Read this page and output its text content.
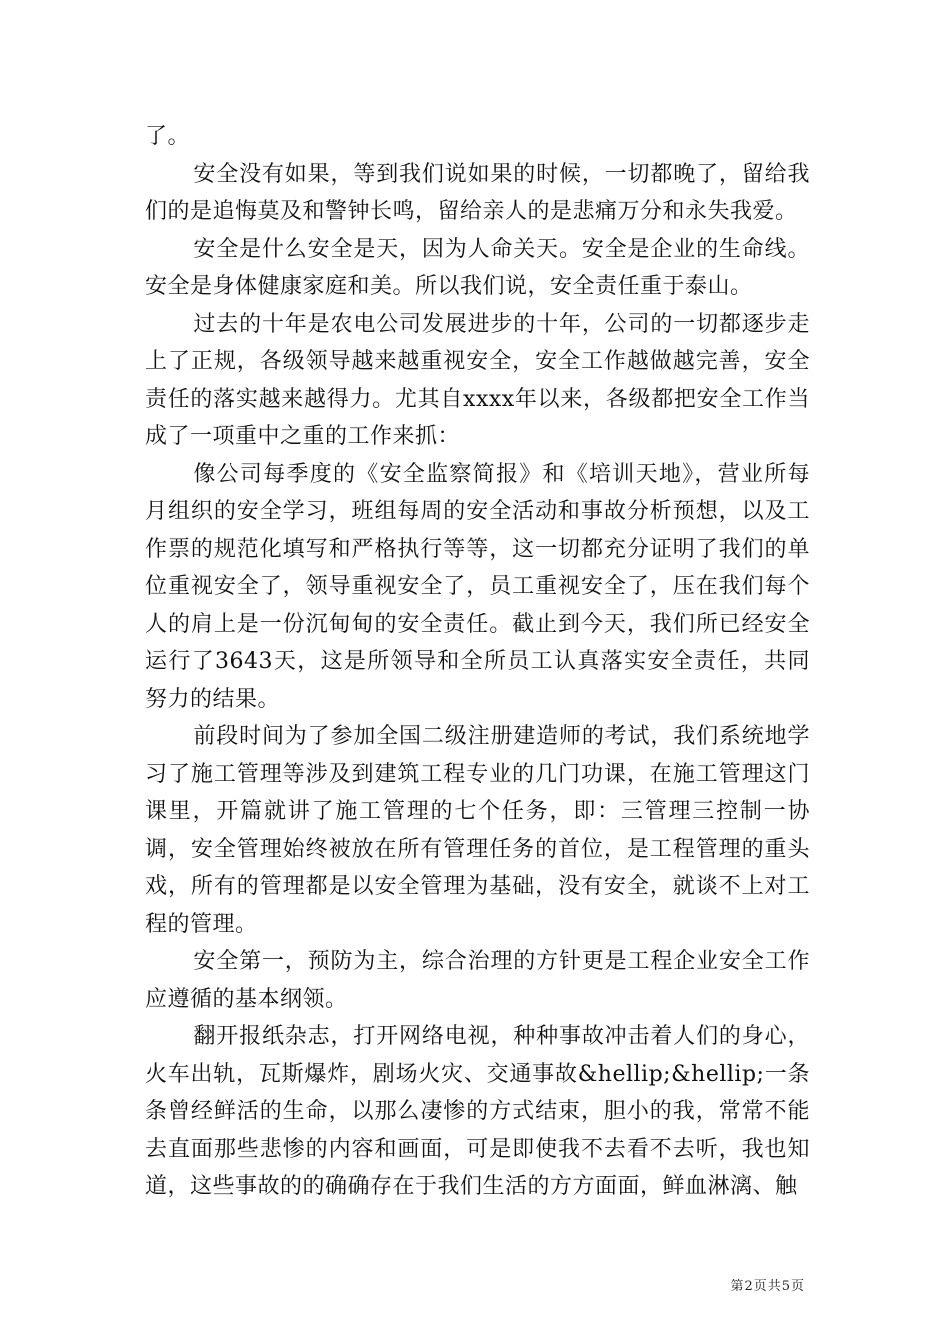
了。

安全没有如果，等到我们说如果的时候，一切都晚了，留给我们的是追悔莫及和警钟长鸣，留给亲人的是悲痛万分和永失我爱。

安全是什么安全是天，因为人命关天。安全是企业的生命线。安全是身体健康家庭和美。所以我们说，安全责任重于泰山。

过去的十年是农电公司发展进步的十年，公司的一切都逐步走上了正规，各级领导越来越重视安全，安全工作越做越完善，安全责任的落实越来越得力。尤其自xxxx年以来，各级都把安全工作当成了一项重中之重的工作来抓：

像公司每季度的《安全监察简报》和《培训天地》，营业所每月组织的安全学习，班组每周的安全活动和事故分析预想，以及工作票的规范化填写和严格执行等等，这一切都充分证明了我们的单位重视安全了，领导重视安全了，员工重视安全了，压在我们每个人的肩上是一份沉甸甸的安全责任。截止到今天，我们所已经安全运行了3643天，这是所领导和全所员工认真落实安全责任，共同努力的结果。

前段时间为了参加全国二级注册建造师的考试，我们系统地学习了施工管理等涉及到建筑工程专业的几门功课，在施工管理这门课里，开篇就讲了施工管理的七个任务，即：三管理三控制一协调，安全管理始终被放在所有管理任务的首位，是工程管理的重头戏，所有的管理都是以安全管理为基础，没有安全，就谈不上对工程的管理。

安全第一，预防为主，综合治理的方针更是工程企业安全工作应遵循的基本纲领。

翻开报纸杂志，打开网络电视，种种事故冲击着人们的身心，火车出轨，瓦斯爆炸，剧场火灾、交通事故&hellip;&hellip;一条条曾经鲜活的生命，以那么凄惨的方式结束，胆小的我，常常不能去直面那些悲惨的内容和画面，可是即使我不去看不去听，我也知道，这些事故的的确确存在于我们生活的方方面面，鲜血淋漓、触

第2页共5页
